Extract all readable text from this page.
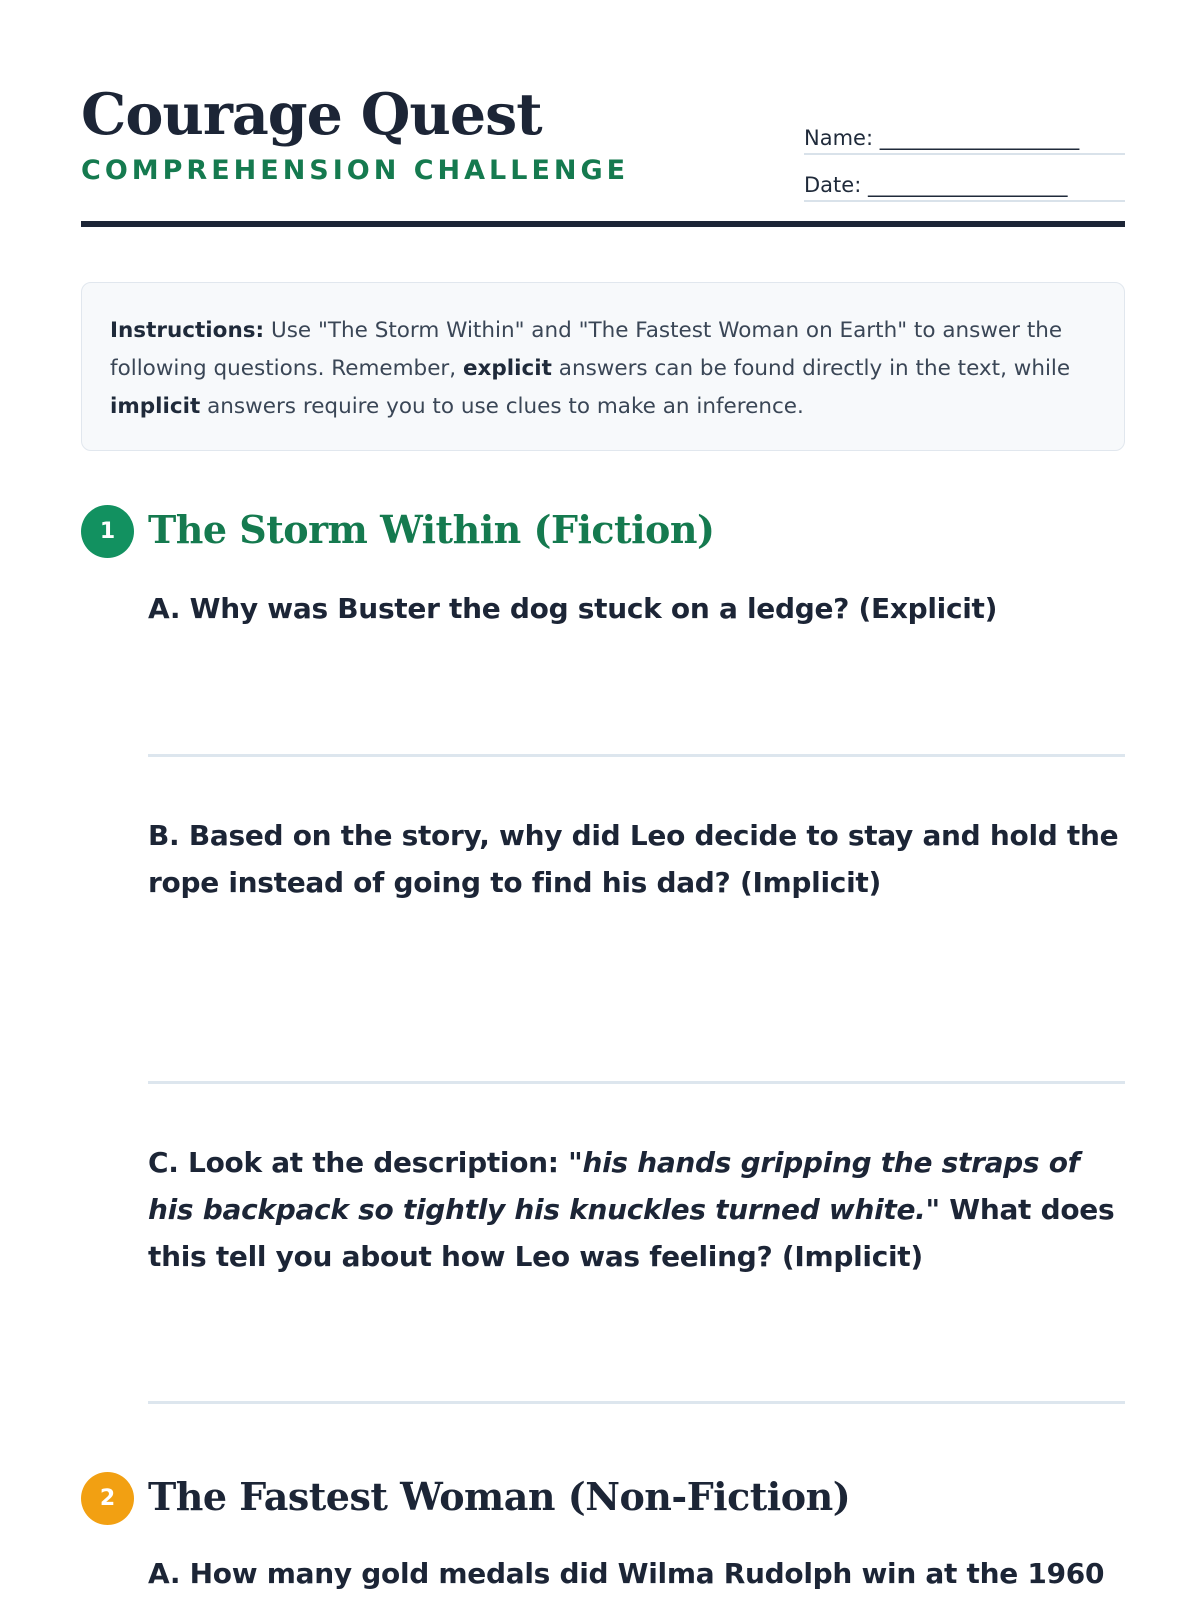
Courage Quest
COMPREHENSION CHALLENGE
Name: ___________________
Date: ___________________
Instructions: Use "The Storm Within" and "The Fastest Woman on Earth" to answer the following questions. Remember, explicit answers can be found directly in the text, while implicit answers require you to use clues to make an inference.
1 The Storm Within (Fiction)
A. Why was Buster the dog stuck on a ledge? (Explicit)
B. Based on the story, why did Leo decide to stay and hold the rope instead of going to find his dad? (Implicit)
C. Look at the description: "his hands gripping the straps of his backpack so tightly his knuckles turned white." What does this tell you about how Leo was feeling? (Implicit)
2 The Fastest Woman (Non-Fiction)
A. How many gold medals did Wilma Rudolph win at the 1960
